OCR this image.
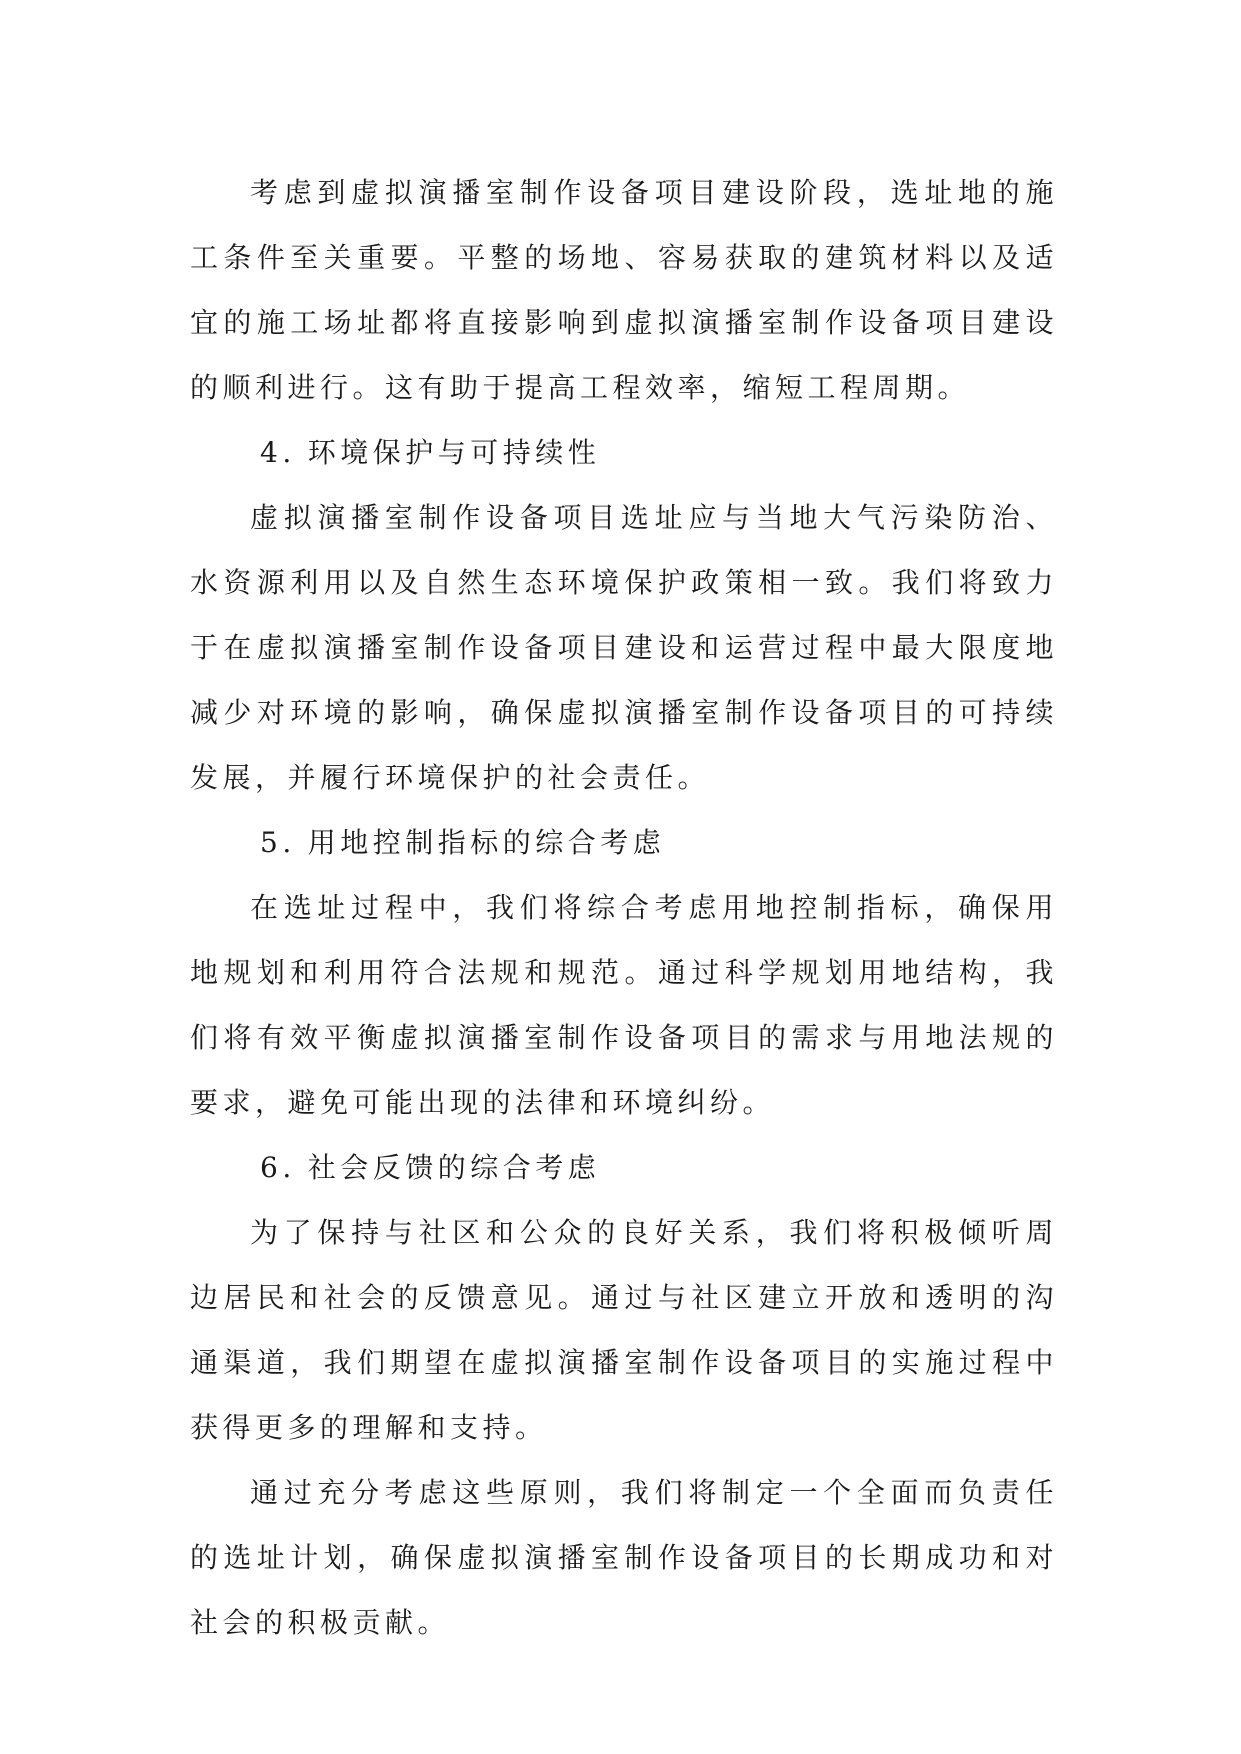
考虑到虚拟演播室制作设备项目建设阶段，选址地的施工条件至关重要。平整的场地、容易获取的建筑材料以及适宜的施工场址都将直接影响到虚拟演播室制作设备项目建设的顺利进行。这有助于提高工程效率，缩短工程周期。

4. 环境保护与可持续性

虚拟演播室制作设备项目选址应与当地大气污染防治、水资源利用以及自然生态环境保护政策相一致。我们将致力于在虚拟演播室制作设备项目建设和运营过程中最大限度地减少对环境的影响，确保虚拟演播室制作设备项目的可持续发展，并履行环境保护的社会责任。

5. 用地控制指标的综合考虑

在选址过程中，我们将综合考虑用地控制指标，确保用地规划和利用符合法规和规范。通过科学规划用地结构，我们将有效平衡虚拟演播室制作设备项目的需求与用地法规的要求，避免可能出现的法律和环境纠纷。

6. 社会反馈的综合考虑

为了保持与社区和公众的良好关系，我们将积极倾听周边居民和社会的反馈意见。通过与社区建立开放和透明的沟通渠道，我们期望在虚拟演播室制作设备项目的实施过程中获得更多的理解和支持。

通过充分考虑这些原则，我们将制定一个全面而负责任的选址计划，确保虚拟演播室制作设备项目的长期成功和对社会的积极贡献。
